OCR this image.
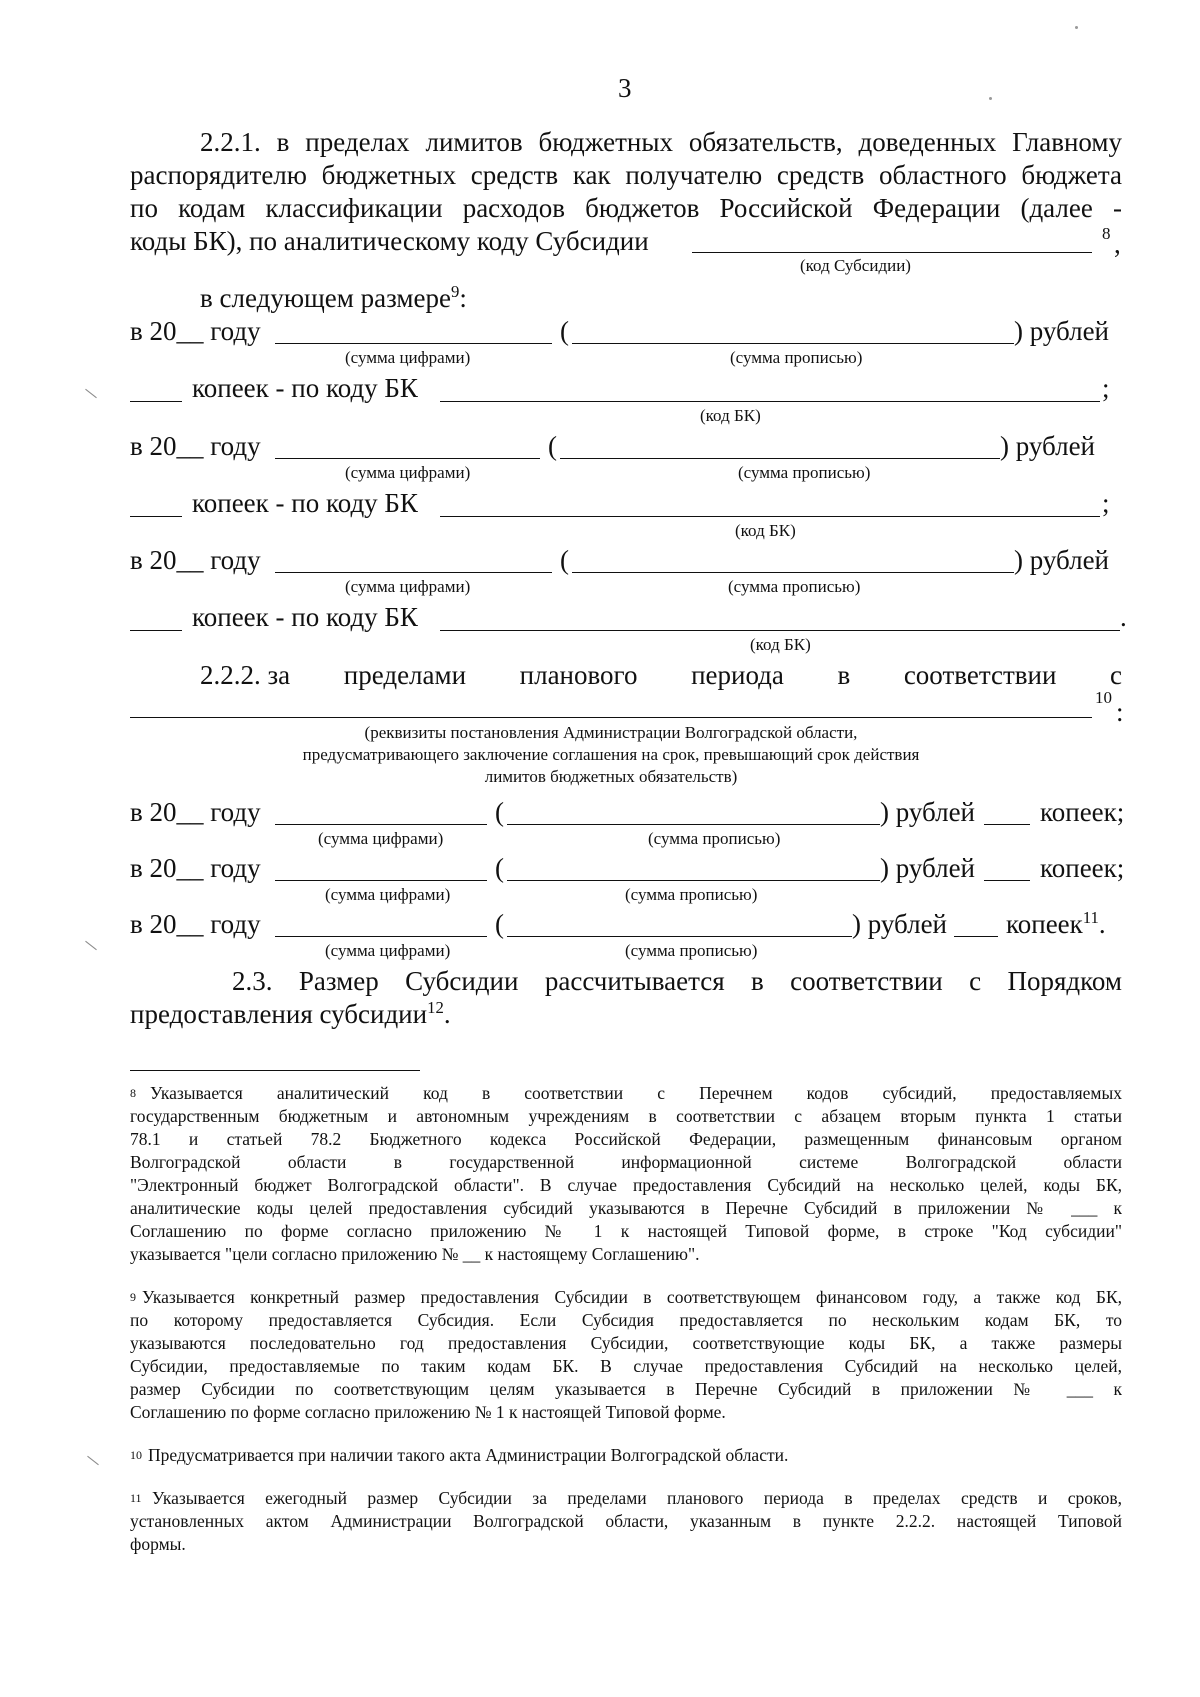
3
2.2.1. в пределах лимитов бюджетных обязательств, доведенных Главному
распорядителю бюджетных средств как получателю средств областного бюджета
по кодам классификации расходов бюджетов Российской Федерации (далее -
коды БК), по аналитическому коду Субсидии	8 ,
(код Субсидии)
в следующем размере$^9$:
в 20__ году	(	) рублей
(сумма цифрами)	(сумма прописью)
копеек - по коду БК	;
(код БК)
в 20__ году	(	) рублей
(сумма цифрами)	(сумма прописью)
копеек - по коду БК	;
(код БК)
в 20__ году	(	) рублей
(сумма цифрами)	(сумма прописью)
копеек - по коду БК	.
(код БК)
2.2.2. за пределами планового периода в соответствии с
10 :
(реквизиты постановления Администрации Волгоградской области,
предусматривающего заключение соглашения на срок, превышающий срок действия
лимитов бюджетных обязательств)
в 20__ году	(	) рублей копеек;
(сумма цифрами)	(сумма прописью)
в 20__ году	(	) рублей копеек;
(сумма цифрами)	(сумма прописью)
в 20__ году	(	) рублей копеек$^{11}$.
(сумма цифрами)	(сумма прописью)
2.3. Размер Субсидии рассчитывается в соответствии с Порядком
предоставления субсидии$^{12}$.
8 Указывается аналитический код в соответствии с Перечнем кодов субсидий, предоставляемых
государственным бюджетным и автономным учреждениям в соответствии с абзацем вторым пункта 1 статьи
78.1 и статьей 78.2 Бюджетного кодекса Российской Федерации, размещенным финансовым органом
Волгоградской области в государственной информационной системе Волгоградской области
"Электронный бюджет Волгоградской области". В случае предоставления Субсидий на несколько целей, коды БК,
аналитические коды целей предоставления субсидий указываются в Перечне Субсидий в приложении № ___ к
Соглашению по форме согласно приложению № 1 к настоящей Типовой форме, в строке "Код субсидии"
указывается "цели согласно приложению № __ к настоящему Соглашению".
9 Указывается конкретный размер предоставления Субсидии в соответствующем финансовом году, а также код БК,
по которому предоставляется Субсидия. Если Субсидия предоставляется по нескольким кодам БК, то
указываются последовательно год предоставления Субсидии, соответствующие коды БК, а также размеры
Субсидии, предоставляемые по таким кодам БК. В случае предоставления Субсидий на несколько целей,
размер Субсидии по соответствующим целям указывается в Перечне Субсидий в приложении № ___ к
Соглашению по форме согласно приложению № 1 к настоящей Типовой форме.
10 Предусматривается при наличии такого акта Администрации Волгоградской области.
11 Указывается ежегодный размер Субсидии за пределами планового периода в пределах средств и сроков,
установленных актом Администрации Волгоградской области, указанным в пункте 2.2.2. настоящей Типовой
формы.
